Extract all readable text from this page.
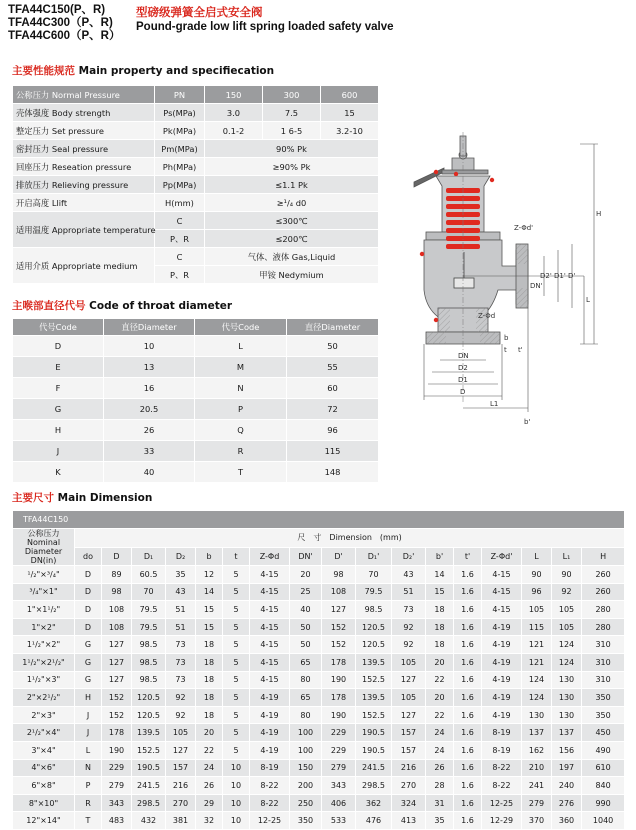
TFA44C150(P、R)
TFA44C300（P、R)
TFA44C600（P、R）
型磅级弹簧全启式安全阀
Pound-grade low lift spring loaded safety valve
主要性能规范 Main property and specifiecation
公称压力 Normal Pressure	PN	150	300	600
壳体强度 Body strength	Ps(MPa)	3.0	7.5	15
整定压力 Set pressure	Pk(MPa)	0.1-2	1 6-5	3.2-10
密封压力 Seal pressure	Pm(MPa)	90% Pk		
回座压力 Reseation pressure	Ph(MPa)	≥90% Pk		
排放压力 Relieving pressure	Pp(MPa)	≤1.1 Pk		
开启高度 Llift	H(mm)	≥¹/₄ d0		
适用温度 Appropriate temperature	C	≤300℃		
	P、R	≤200℃		
适用介质 Appropriate medium	C	气体、液体 Gas,Liquid		
	P、R	甲铵 Nedymium		
主喉部直径代号 Code of throat diameter
代号Code	直径Diameter	代号Code	直径Diameter
D	10	L	50
E	13	M	55
F	16	N	60
G	20.5	P	72
H	26	Q	96
J	33	R	115
K	40	T	148
主要尺寸 Main Dimension
TFA44C150																	

公称压力
Nominal
Diameter
DN(in)	尺　寸　Dimension　(mm)																
	do	D	D₁	D₂	b	t	Z-Φd	DN'	D'	D₁'	D₂'	b'	t'	Z-Φd'	L	L₁	H
¹/₂"×³/₄"	D	89	60.5	35	12	5	4-15	20	98	70	43	14	1.6	4-15	90	90	260
³/₄"×1"	D	98	70	43	14	5	4-15	25	108	79.5	51	15	1.6	4-15	96	92	260
1"×1¹/₂"	D	108	79.5	51	15	5	4-15	40	127	98.5	73	18	1.6	4-15	105	105	280
1"×2"	D	108	79.5	51	15	5	4-15	50	152	120.5	92	18	1.6	4-19	115	105	280
1¹/₂"×2"	G	127	98.5	73	18	5	4-15	50	152	120.5	92	18	1.6	4-19	121	124	310
1¹/₂"×2¹/₂"	G	127	98.5	73	18	5	4-15	65	178	139.5	105	20	1.6	4-19	121	124	310
1¹/₂"×3"	G	127	98.5	73	18	5	4-15	80	190	152.5	127	22	1.6	4-19	124	130	310
2"×2¹/₂"	H	152	120.5	92	18	5	4-19	65	178	139.5	105	20	1.6	4-19	124	130	350
2"×3"	J	152	120.5	92	18	5	4-19	80	190	152.5	127	22	1.6	4-19	130	130	350
2¹/₂"×4"	J	178	139.5	105	20	5	4-19	100	229	190.5	157	24	1.6	8-19	137	137	450
3"×4"	L	190	152.5	127	22	5	4-19	100	229	190.5	157	24	1.6	8-19	162	156	490
4"×6"	N	229	190.5	157	24	10	8-19	150	279	241.5	216	26	1.6	8-22	210	197	610
6"×8"	P	279	241.5	216	26	10	8-22	200	343	298.5	270	28	1.6	8-22	241	240	840
8"×10"	R	343	298.5	270	29	10	8-22	250	406	362	324	31	1.6	12-25	279	276	990
12"×14"	T	483	432	381	32	10	12-25	350	533	476	413	35	1.6	12-29	370	360	1040
H
Z-Φd'
DN'
D2' D1' D'
L
Z-Φd
t'
b
t
DN
D2
D1
D
L1
b'
